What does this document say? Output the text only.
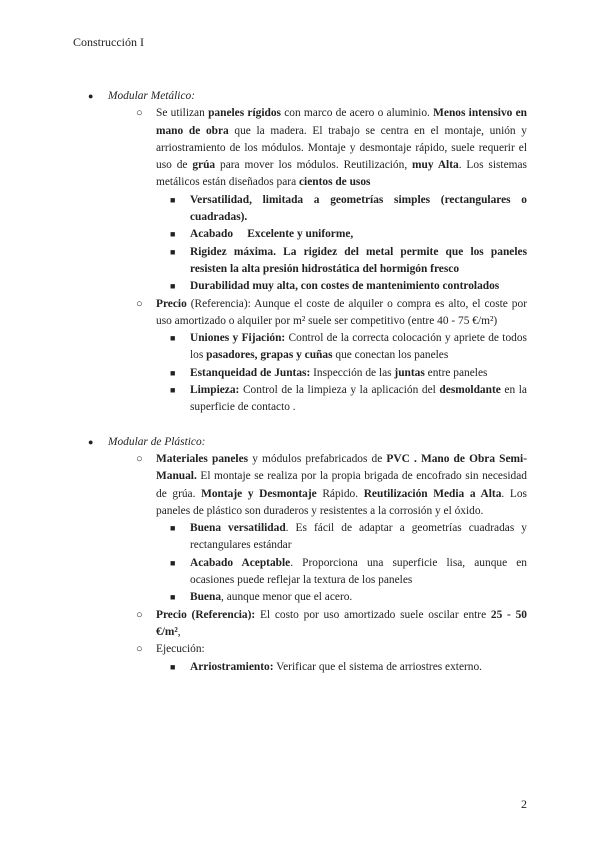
Construcción I
● Modular Metálico:
○ Se utilizan paneles rígidos con marco de acero o aluminio. Menos intensivo en mano de obra que la madera. El trabajo se centra en el montaje, unión y arriostramiento de los módulos. Montaje y desmontaje rápido, suele requerir el uso de grúa para mover los módulos. Reutilización, muy Alta. Los sistemas metálicos están diseñados para cientos de usos
■ Versatilidad, limitada a geometrías simples (rectangulares o cuadradas).
■ Acabado     Excelente y uniforme,
■ Rigidez máxima. La rigidez del metal permite que los paneles resisten la alta presión hidrostática del hormigón fresco
■ Durabilidad muy alta, con costes de mantenimiento controlados
○ Precio (Referencia): Aunque el coste de alquiler o compra es alto, el coste por uso amortizado o alquiler por m² suele ser competitivo (entre 40 - 75 €/m²)
■ Uniones y Fijación: Control de la correcta colocación y apriete de todos los pasadores, grapas y cuñas que conectan los paneles
■ Estanqueidad de Juntas: Inspección de las juntas entre paneles
■ Limpieza: Control de la limpieza y la aplicación del desmoldante en la superficie de contacto .
● Modular de Plástico:
○ Materiales paneles y módulos prefabricados de PVC . Mano de Obra Semi-Manual. El montaje se realiza por la propia brigada de encofrado sin necesidad de grúa. Montaje y Desmontaje Rápido. Reutilización Media a Alta. Los paneles de plástico son duraderos y resistentes a la corrosión y el óxido.
■ Buena versatilidad. Es fácil de adaptar a geometrías cuadradas y rectangulares estándar
■ Acabado Aceptable. Proporciona una superficie lisa, aunque en ocasiones puede reflejar la textura de los paneles
■ Buena, aunque menor que el acero.
○ Precio (Referencia): El costo por uso amortizado suele oscilar entre 25 - 50 €/m²,
○ Ejecución:
■ Arriostramiento: Verificar que el sistema de arriostres externo.
2
